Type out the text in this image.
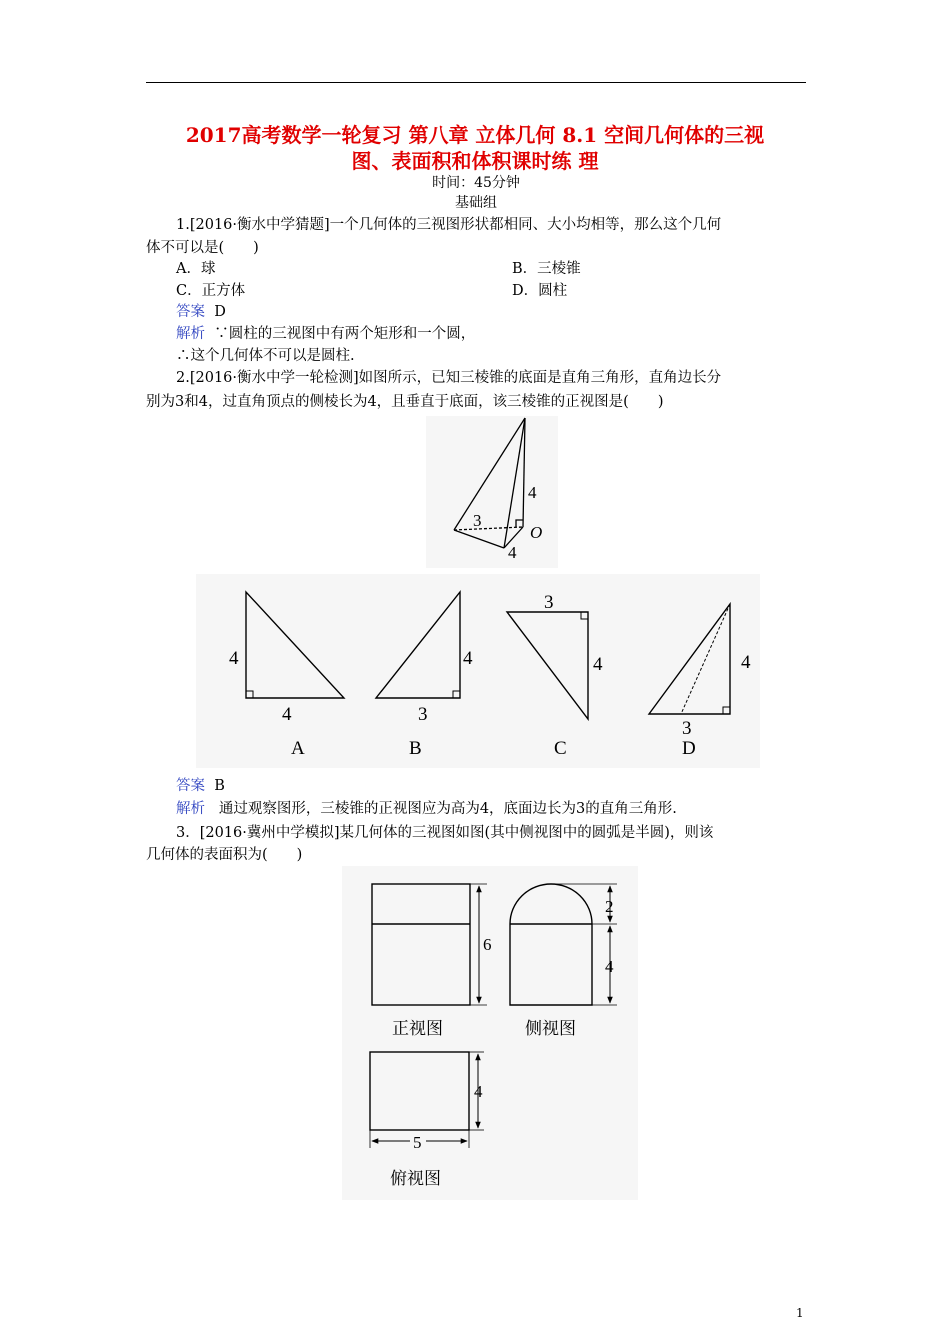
2017高考数学一轮复习 第八章 立体几何 8.1 空间几何体的三视
图、表面积和体积课时练 理
时间：45分钟
基础组
1.[2016·衡水中学猜题]一个几何体的三视图形状都相同、大小均相等，那么这个几何
体不可以是(　　)
A．球	B．三棱锥
C．正方体	D．圆柱
答案 D
解析 ∵圆柱的三视图中有两个矩形和一个圆，
∴这个几何体不可以是圆柱.
2.[2016·衡水中学一轮检测]如图所示，已知三棱锥的底面是直角三角形，直角边长分
别为3和4，过直角顶点的侧棱长为4，且垂直于底面，该三棱锥的正视图是(　　)
4
3
4
O
4
4
A
4
3
B
3
4
C
4
3
D
答案 B
解析 通过观察图形，三棱锥的正视图应为高为4，底面边长为3的直角三角形.
3．[2016·冀州中学模拟]某几何体的三视图如图(其中侧视图中的圆弧是半圆)，则该
几何体的表面积为(　　)
6
正视图
2
4
侧视图
4
5
俯视图
1
